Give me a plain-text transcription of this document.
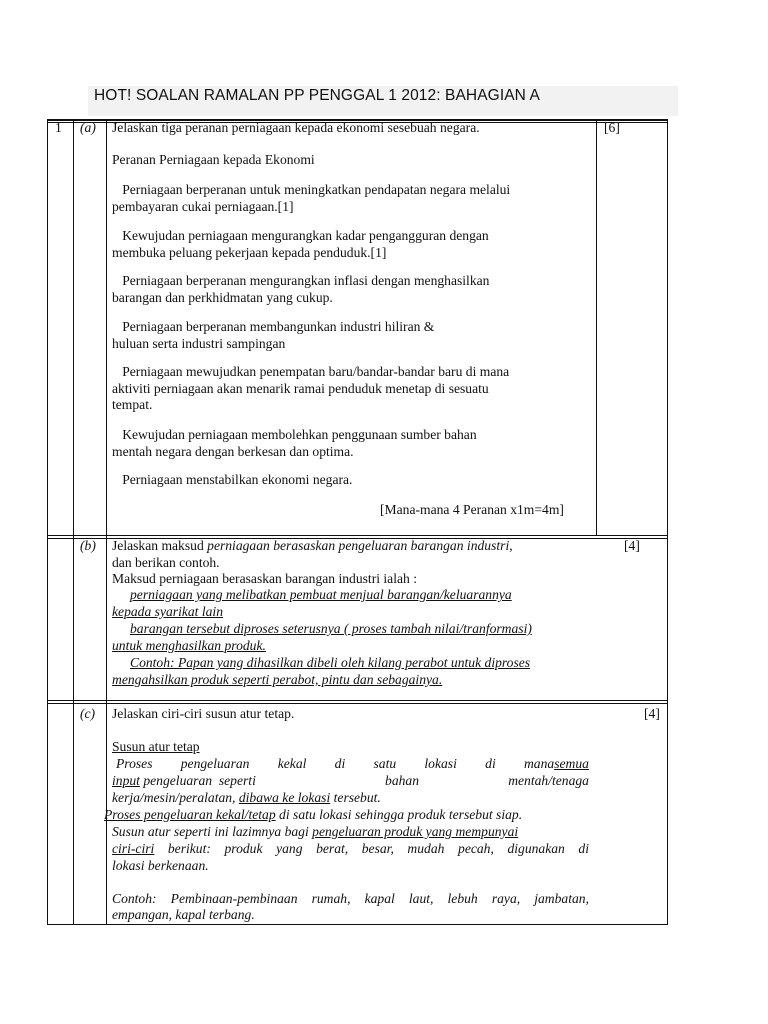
HOT! SOALAN RAMALAN PP PENGGAL 1 2012: BAHAGIAN A
1 (a) Jelaskan tiga peranan perniagaan kepada ekonomi sesebuah negara.	[6]
Peranan Perniagaan kepada Ekonomi
Perniagaan berperanan untuk meningkatkan pendapatan negara melalui
pembayaran cukai perniagaan.[1]
Kewujudan perniagaan mengurangkan kadar pengangguran dengan
membuka peluang pekerjaan kepada penduduk.[1]
Perniagaan berperanan mengurangkan inflasi dengan menghasilkan
barangan dan perkhidmatan yang cukup.
Perniagaan berperanan membangunkan industri hiliran &
huluan serta industri sampingan
Perniagaan mewujudkan penempatan baru/bandar-bandar baru di mana
aktiviti perniagaan akan menarik ramai penduduk menetap di sesuatu
tempat.
Kewujudan perniagaan membolehkan penggunaan sumber bahan
mentah negara dengan berkesan dan optima.
Perniagaan menstabilkan ekonomi negara.
[Mana-mana 4 Peranan x1m=4m]
(b) Jelaskan maksud perniagaan berasaskan pengeluaran barangan industri,
dan berikan contoh.
[4]
Maksud perniagaan berasaskan barangan industri ialah :
perniagaan yang melibatkan pembuat menjual barangan/keluarannya
kepada syarikat lain
barangan tersebut diproses seterusnya ( proses tambah nilai/tranformasi)
untuk menghasilkan produk.
Contoh: Papan yang dihasilkan dibeli oleh kilang perabot untuk diproses
mengahsilkan produk seperti perabot, pintu dan sebagainya.
(c) Jelaskan ciri-ciri susun atur tetap.	[4]
Susun atur tetap
Proses pengeluaran kekal di satu lokasi di manasemua
input pengeluaran  seperti	bahan	mentah/tenaga
kerja/mesin/peralatan, dibawa ke lokasi tersebut.
Proses pengeluaran kekal/tetap di satu lokasi sehingga produk tersebut siap.
Susun atur seperti ini lazimnya bagi pengeluaran produk yang mempunyai
ciri-ciri berikut: produk yang berat, besar, mudah pecah, digunakan di
lokasi berkenaan.
Contoh: Pembinaan-pembinaan rumah, kapal laut, lebuh raya, jambatan,
empangan, kapal terbang.
